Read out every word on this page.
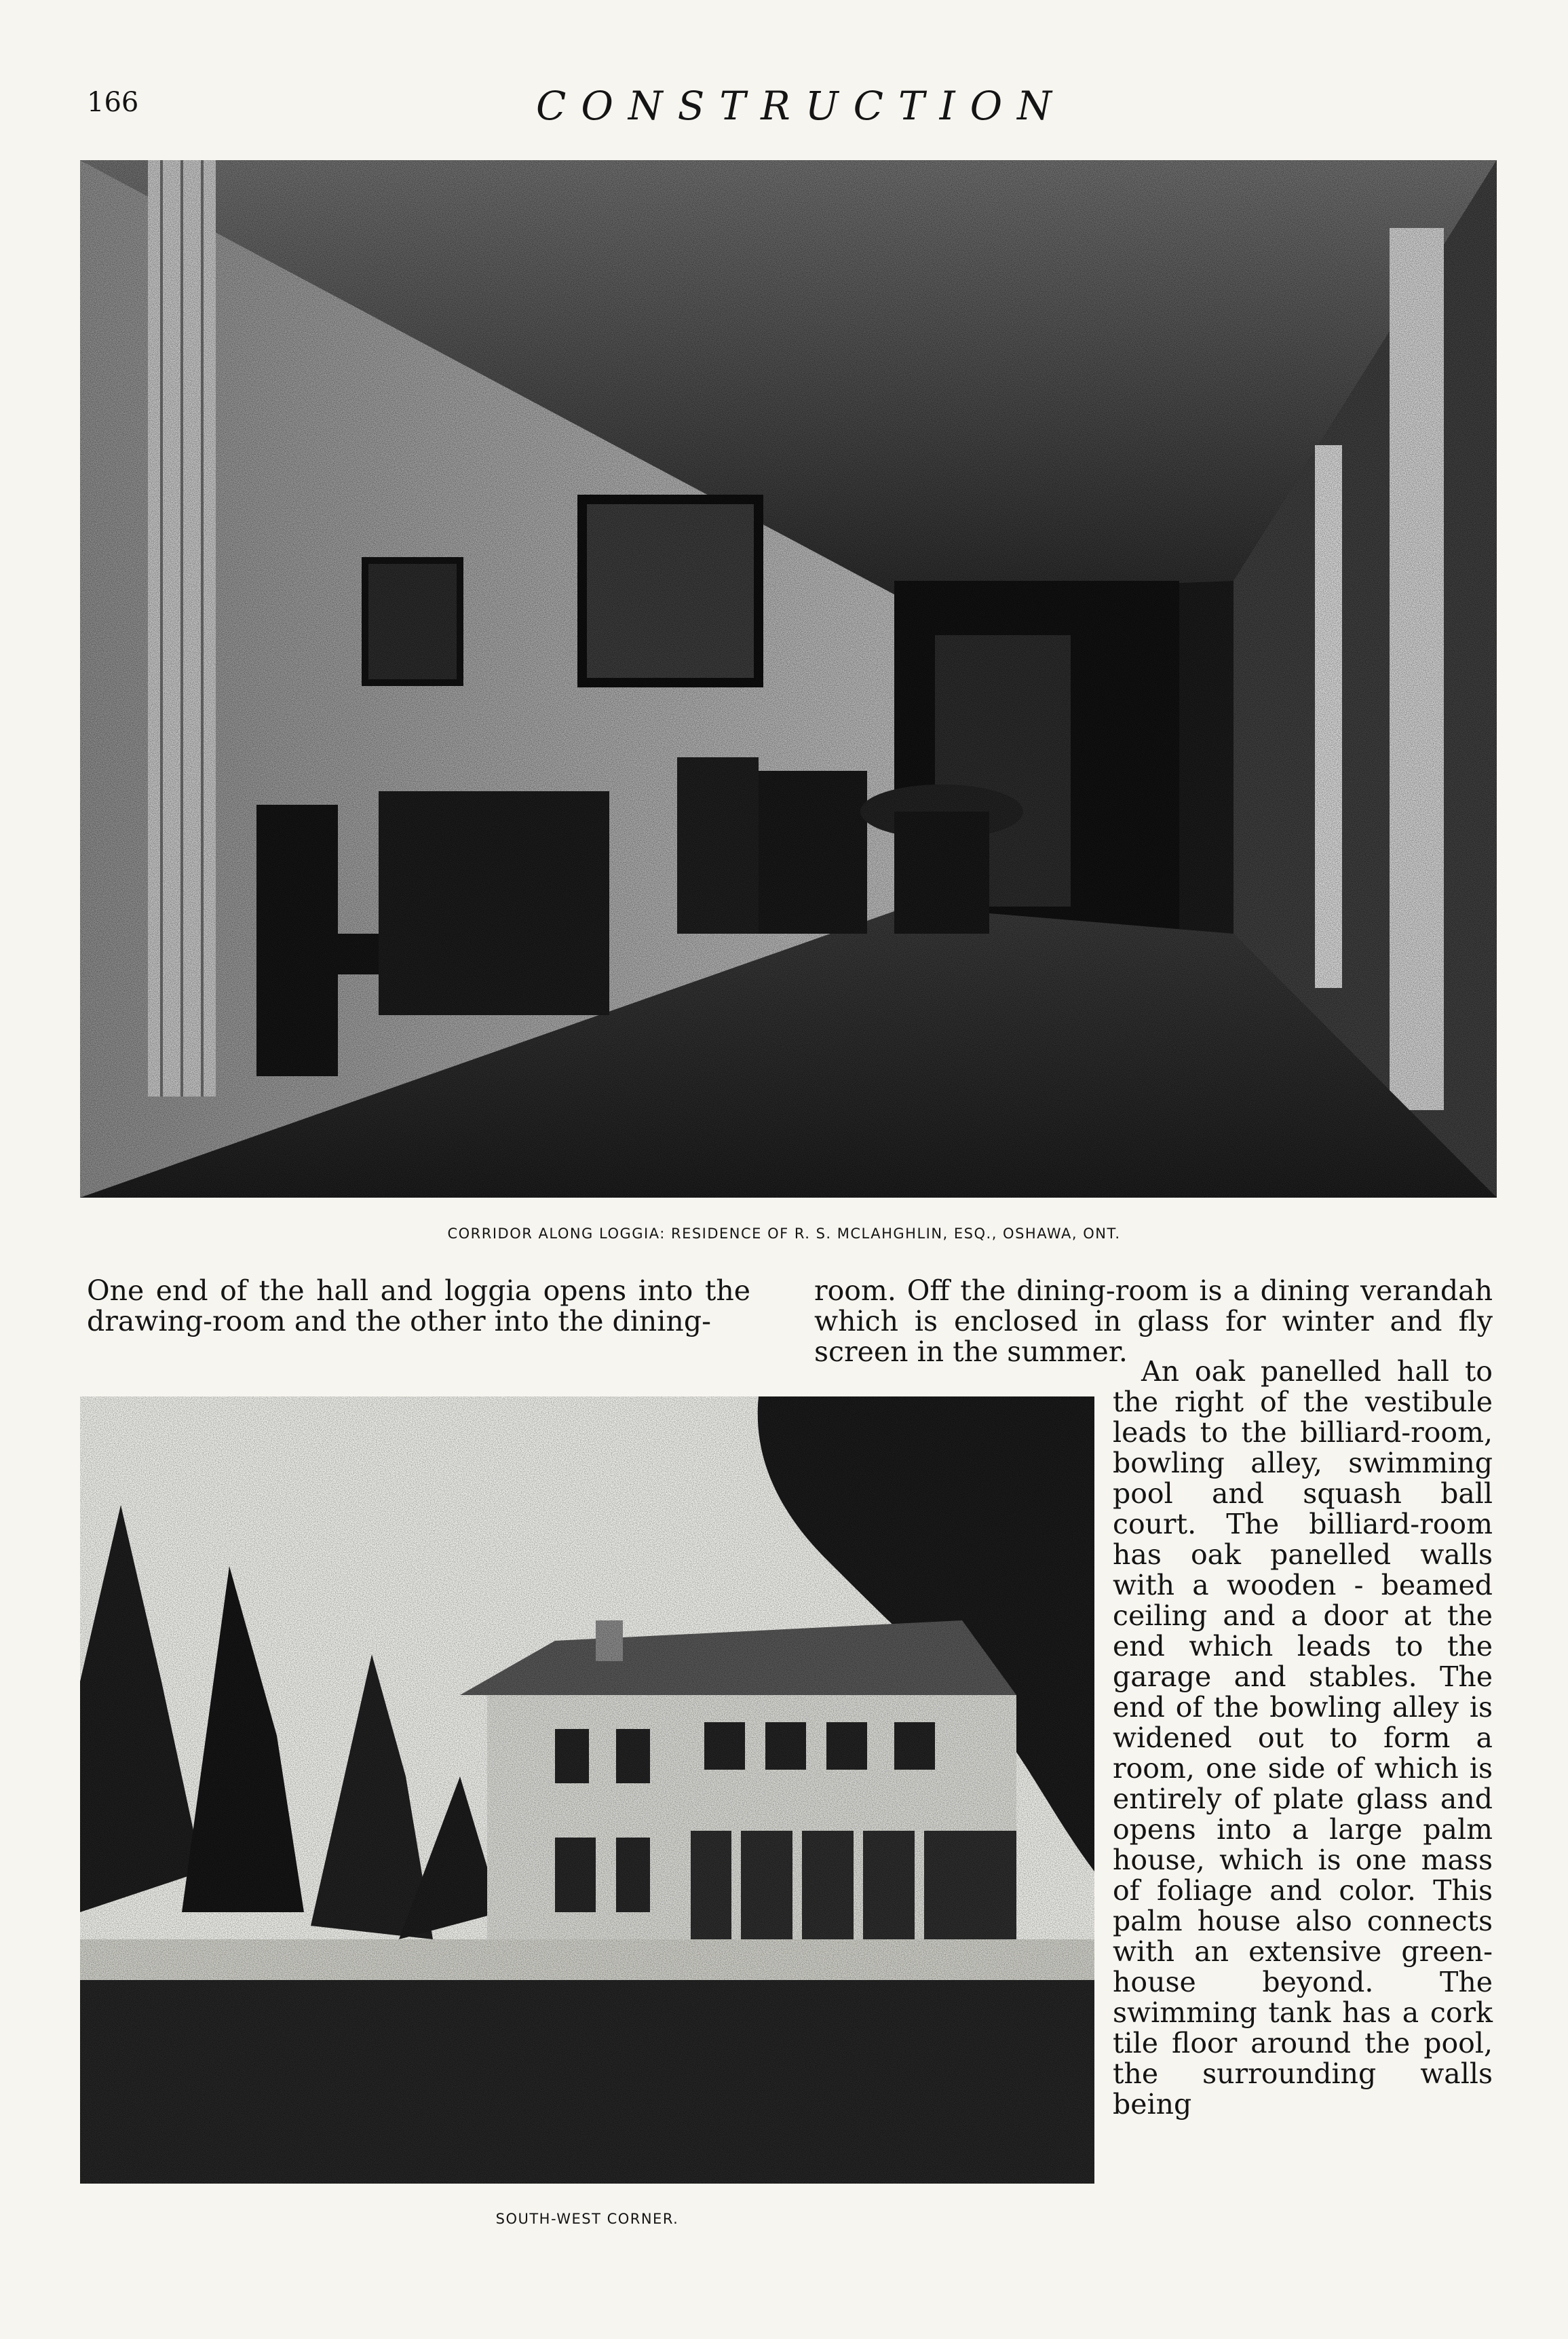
166	CONSTRUCTION
CORRIDOR ALONG LOGGIA: RESIDENCE OF R. S. MCLAHGHLIN, ESQ., OSHAWA, ONT.
One end of the hall and loggia opens into the drawing-room and the other into the dining-
room. Off the dining-room is a dining verandah which is enclosed in glass for winter and fly screen in the summer.
SOUTH-WEST CORNER.
An oak panelled hall to the right of the vestibule leads to the billiard-room, bowling alley, swimming pool and squash ball court. The billiard-room has oak panelled walls with a wooden - beamed ceiling and a door at the end which leads to the garage and stables. The end of the bowling alley is widened out to form a room, one side of which is entirely of plate glass and opens into a large palm house, which is one mass of foliage and color. This palm house also connects with an extensive green-house beyond. The swimming tank has a cork tile floor around the pool, the surrounding walls being
